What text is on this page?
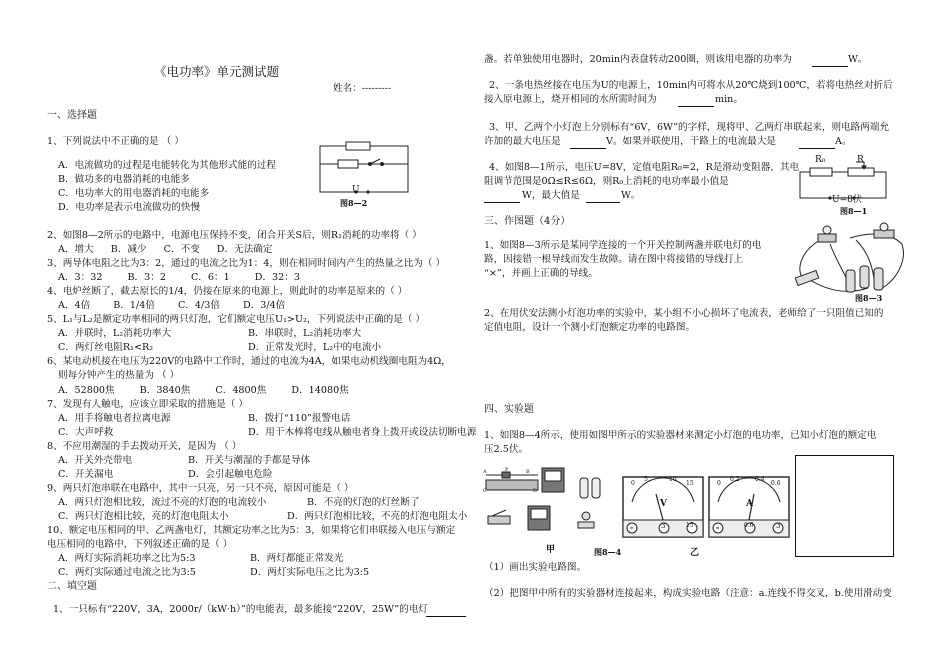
《电功率》单元测试题
姓名：---------
一、选择题
1、下列说法中不正确的是 （ ）
A．电流做功的过程是电能转化为其他形式能的过程
B．做功多的电器消耗的电能多
C．电功率大的用电器消耗的电能多
D．电功率是表示电流做功的快慢
U
图8—2
2、如图8—2所示的电路中，电源电压保持不变，闭合开关S后，则R₁消耗的功率将（ ）
A．增大 B．减少 C．不变 D．无法确定
3、两导体电阻之比为3：2，通过的电流之比为1：4，则在相同时间内产生的热量之比为（ ）
A．3：32 B．3：2 C．6：1 D．32：3
4、电炉丝断了，截去原长的1/4，仍接在原来的电源上，则此时的功率是原来的（ ）
A．4倍 B．1/4倍 C．4/3倍 D．3/4倍
5、L₁与L₂是额定功率相同的两只灯泡，它们额定电压U₁>U₂，下列说法中正确的是（ ）
A．并联时，L₂消耗功率大	B．串联时，L₂消耗功率大
C．两灯丝电阻R₁<R₂	D．正常发光时，L₂中的电流小
6、某电动机接在电压为220V的电路中工作时，通过的电流为4A，如果电动机线圈电阻为4Ω，
则每分钟产生的热量为 （ ）
A．52800焦 B．3840焦 C．4800焦 D．14080焦
7、发现有人触电，应该立即采取的措施是（ ）
A．用手将触电者拉离电源	B．拨打“110”报警电话
C．大声呼救	D．用干木棒将电线从触电者身上拨开或设法切断电源
8、不应用潮湿的手去拨动开关，是因为 （ ）
A．开关外壳带电	B．开关与潮湿的手都是导体
C．开关漏电	D．会引起触电危险
9、两只灯泡串联在电路中，其中一只亮，另一只不亮，原因可能是（ ）
A．两只灯泡相比较，流过不亮的灯泡的电流较小	B．不亮的灯泡的灯丝断了
C．两只灯泡相比较，亮的灯泡电阻太小	D．两只灯泡相比较，不亮的灯泡电阻太小
10、额定电压相同的甲、乙两盏电灯，其额定功率之比为5：3，如果将它们串联接入电压与额定
电压相同的电路中，下列叙述正确的是（ ）
A．两灯实际消耗功率之比为5:3	B．两灯都能正常发光
C．两灯实际通过电流之比为3:5	D．两灯实际电压之比为3:5
二、填空题
1、一只标有“220V，3A，2000r/（kW·h）”的电能表，最多能接“220V，25W”的电灯
盏。若单独使用电器时，20min内表盘转动200圈，则该用电器的功率为	W。
2、一条电热丝接在电压为U的电源上，10min内可将水从20℃烧到100℃，若将电热丝对折后
接入原电源上，烧开相同的水所需时间为	min。
3、甲、乙两个小灯泡上分别标有“6V，6W”的字样，现将甲、乙两灯串联起来，则电路两端允
许加的最大电压是	V。如果并联使用，干路上的电流最大是	A。
4、如图8—1所示，电压U=8V，定值电阻R₀=2，R是滑动变阻器，其电
阻调节范围是0Ω≤R≤6Ω，则R₀上消耗的电功率最小值是
W，最大值是	W。
R₀	R
U=8伏
图8—1
三、作图题（4分）
1、如图8—3所示是某同学连接的一个开关控制两盏并联电灯的电
路，因接错一根导线而发生故障。请在图中将接错的导线打上
“×”，并画上正确的导线。
图8—3
2、在用伏安法测小灯泡功率的实验中，某小组不小心损坏了电流表，老师给了一只阻值已知的
定值电阻，设计一个测小灯泡额定功率的电路图。
四、实验题
1、如图8—4所示，使用如图甲所示的实验器材来测定小灯泡的电功率，已知小灯泡的额定电
压2.5伏。
A	P	B
C	D
0
5	10
15
V
-	3	15
0
0.2	0.4
0.6
A
-	0.6	3
甲	图8—4	乙
（1）画出实验电路图。
（2）把图甲中所有的实验器材连接起来，构成实验电路（注意：a.连线不得交叉，b.使用滑动变
